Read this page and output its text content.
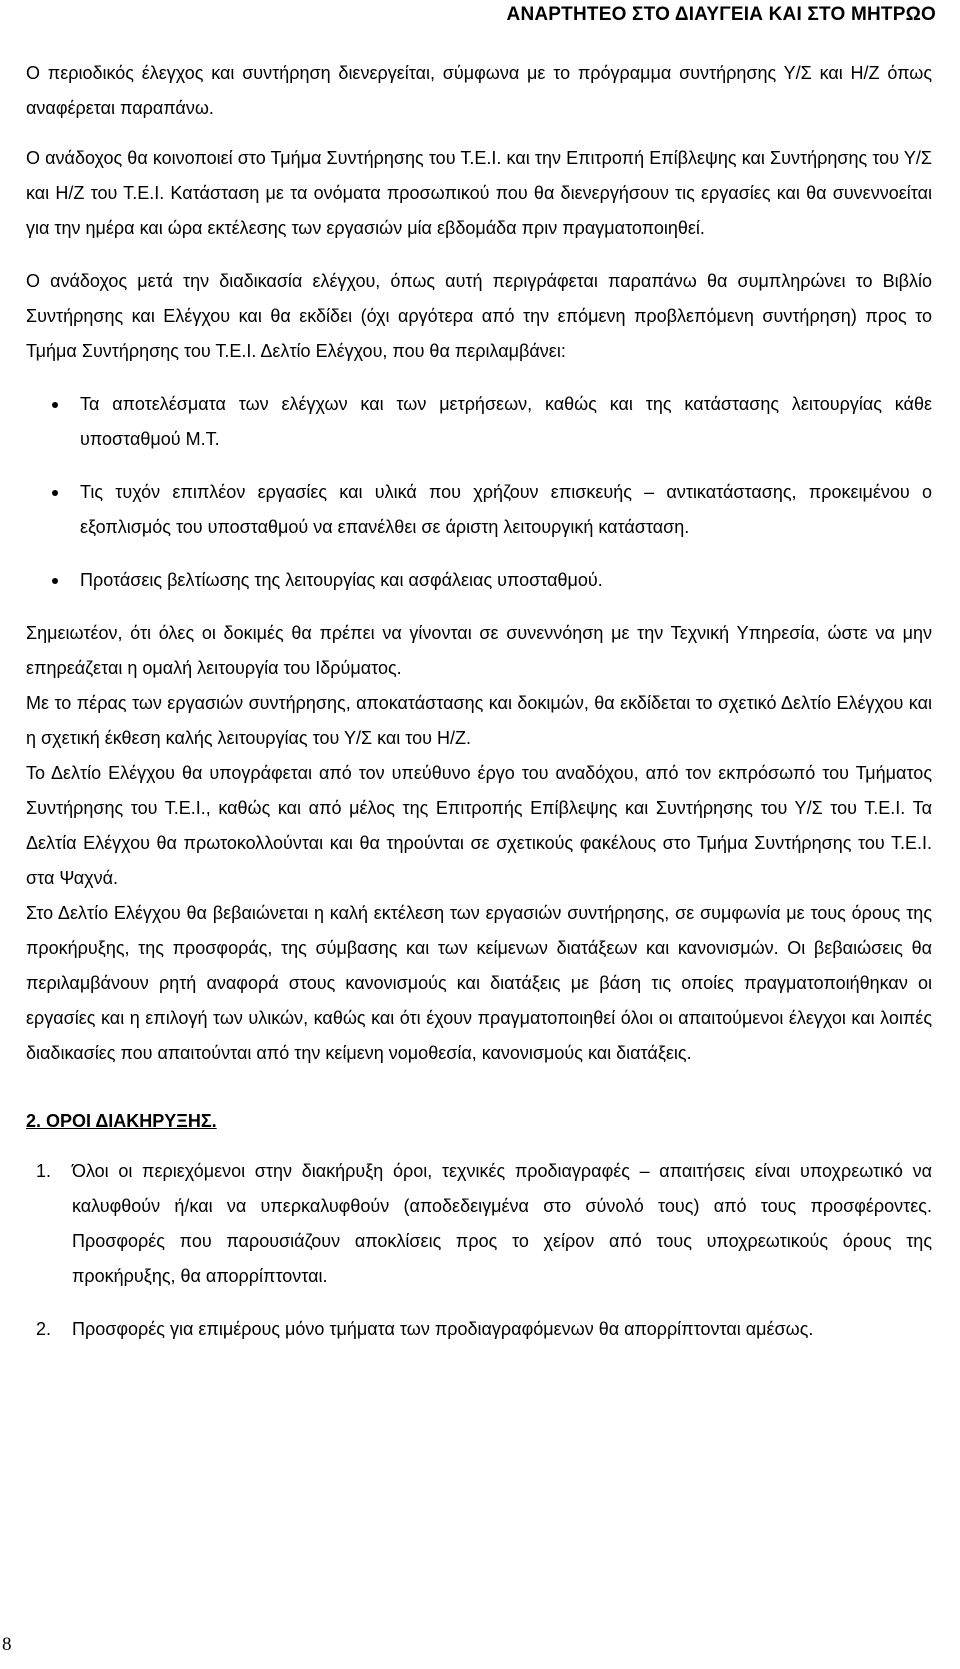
ΑΝΑΡΤΗΤΕΟ ΣΤΟ ΔΙΑΥΓΕΙΑ ΚΑΙ ΣΤΟ ΜΗΤΡΩΟ

Ο περιοδικός έλεγχος και συντήρηση διενεργείται, σύμφωνα με το πρόγραμμα συντήρησης Υ/Σ και Η/Ζ όπως αναφέρεται παραπάνω.

Ο ανάδοχος θα κοινοποιεί στο Τμήμα Συντήρησης του Τ.Ε.Ι. και την Επιτροπή Επίβλεψης και Συντήρησης του Υ/Σ και Η/Ζ του Τ.Ε.Ι. Κατάσταση με τα ονόματα προσωπικού που θα διενεργήσουν τις εργασίες και θα συνεννοείται για την ημέρα και ώρα εκτέλεσης των εργασιών μία εβδομάδα πριν πραγματοποιηθεί.

Ο ανάδοχος μετά την διαδικασία ελέγχου, όπως αυτή περιγράφεται παραπάνω θα συμπληρώνει το Βιβλίο Συντήρησης και Ελέγχου και θα εκδίδει (όχι αργότερα από την επόμενη προβλεπόμενη συντήρηση) προς το Τμήμα Συντήρησης του Τ.Ε.Ι. Δελτίο Ελέγχου, που θα περιλαμβάνει:

Τα αποτελέσματα των ελέγχων και των μετρήσεων, καθώς και της κατάστασης λειτουργίας κάθε υποσταθμού Μ.Τ.
Τις τυχόν επιπλέον εργασίες και υλικά που χρήζουν επισκευής – αντικατάστασης, προκειμένου ο εξοπλισμός του υποσταθμού να επανέλθει σε άριστη λειτουργική κατάσταση.
Προτάσεις βελτίωσης της λειτουργίας και ασφάλειας υποσταθμού.

Σημειωτέον, ότι όλες οι δοκιμές θα πρέπει να γίνονται σε συνεννόηση με την Τεχνική Υπηρεσία, ώστε να μην επηρεάζεται η ομαλή λειτουργία του Ιδρύματος.

Με το πέρας των εργασιών συντήρησης, αποκατάστασης και δοκιμών, θα εκδίδεται το σχετικό Δελτίο Ελέγχου και η σχετική έκθεση καλής λειτουργίας του Υ/Σ και του Η/Ζ.

Το Δελτίο Ελέγχου θα υπογράφεται από τον υπεύθυνο έργο του αναδόχου, από τον εκπρόσωπό του Τμήματος Συντήρησης του Τ.Ε.Ι., καθώς και από μέλος της Επιτροπής Επίβλεψης και Συντήρησης του Υ/Σ του Τ.Ε.Ι. Τα Δελτία Ελέγχου θα πρωτοκολλούνται και θα τηρούνται σε σχετικούς φακέλους στο Τμήμα Συντήρησης του Τ.Ε.Ι. στα Ψαχνά.

Στο Δελτίο Ελέγχου θα βεβαιώνεται η καλή εκτέλεση των εργασιών συντήρησης, σε συμφωνία με τους όρους της προκήρυξης, της προσφοράς, της σύμβασης και των κείμενων διατάξεων και κανονισμών. Οι βεβαιώσεις θα περιλαμβάνουν ρητή αναφορά στους κανονισμούς και διατάξεις με βάση τις οποίες πραγματοποιήθηκαν οι εργασίες και η επιλογή των υλικών, καθώς και ότι έχουν πραγματοποιηθεί όλοι οι απαιτούμενοι έλεγχοι και λοιπές διαδικασίες που απαιτούνται από την κείμενη νομοθεσία, κανονισμούς και διατάξεις.

2. ΟΡΟΙ ΔΙΑΚΗΡΥΞΗΣ.

1. Όλοι οι περιεχόμενοι στην διακήρυξη όροι, τεχνικές προδιαγραφές – απαιτήσεις είναι υποχρεωτικό να καλυφθούν ή/και να υπερκαλυφθούν (αποδεδειγμένα στο σύνολό τους) από τους προσφέροντες. Προσφορές που παρουσιάζουν αποκλίσεις προς το χείρον από τους υποχρεωτικούς όρους της προκήρυξης, θα απορρίπτονται.
2. Προσφορές για επιμέρους μόνο τμήματα των προδιαγραφόμενων θα απορρίπτονται αμέσως.
8
